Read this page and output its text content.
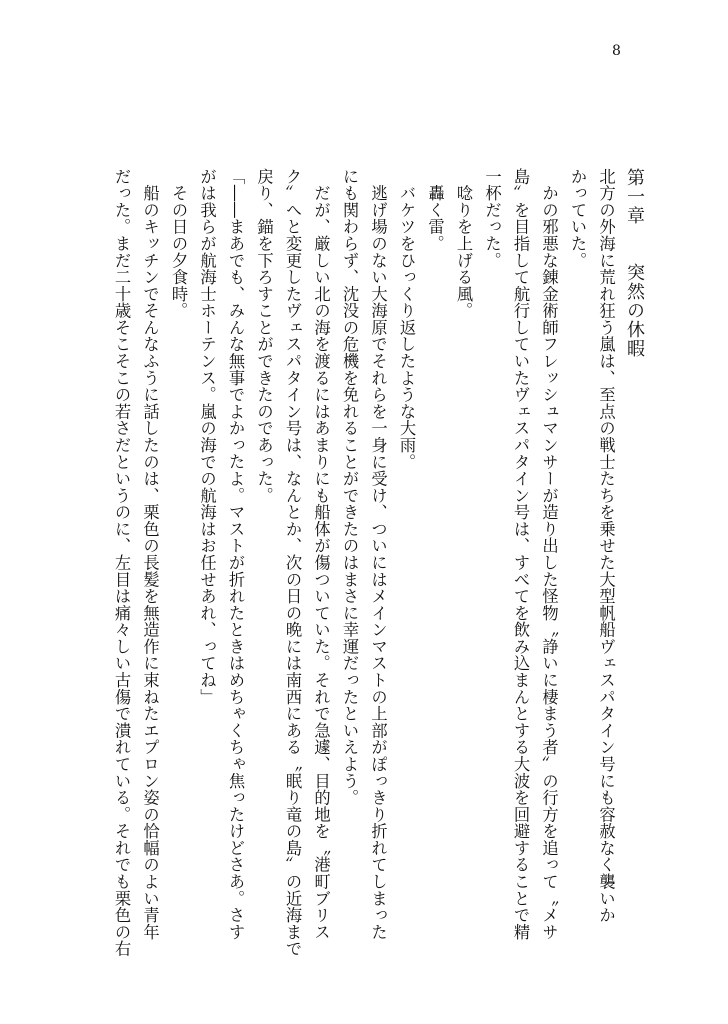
8
第一章　　突然の休暇
北方の外海に荒れ狂う嵐は、至点の戦士たちを乗せた大型帆船ヴェスパタイン号にも容赦なく襲いか
かっていた。
　かの邪悪な錬金術師フレッシュマンサーが造り出した怪物〝諍いに棲まう者〟の行方を追って〝メサ
島〟を目指して航行していたヴェスパタイン号は、すべてを飲み込まんとする大波を回避することで精
一杯だった。
　唸りを上げる風。
　轟く雷。
　バケツをひっくり返したような大雨。
　逃げ場のない大海原でそれらを一身に受け、ついにはメインマストの上部がぽっきり折れてしまった
にも関わらず、沈没の危機を免れることができたのはまさに幸運だったといえよう。
　だが、厳しい北の海を渡るにはあまりにも船体が傷ついていた。それで急遽、目的地を〝港町ブリス
ク〟へと変更したヴェスパタイン号は、なんとか、次の日の晩には南西にある〝眠り竜の島〟の近海まで
戻り、錨を下ろすことができたのであった。
「――まあでも、みんな無事でよかったよ。マストが折れたときはめちゃくちゃ焦ったけどさあ。さす
がは我らが航海士ホーテンス。嵐の海での航海はお任せあれ、ってね」
　その日の夕食時。
　船のキッチンでそんなふうに話したのは、栗色の長髪を無造作に束ねたエプロン姿の恰幅のよい青年
だった。まだ二十歳そこそこの若さだというのに、左目は痛々しい古傷で潰れている。それでも栗色の右
